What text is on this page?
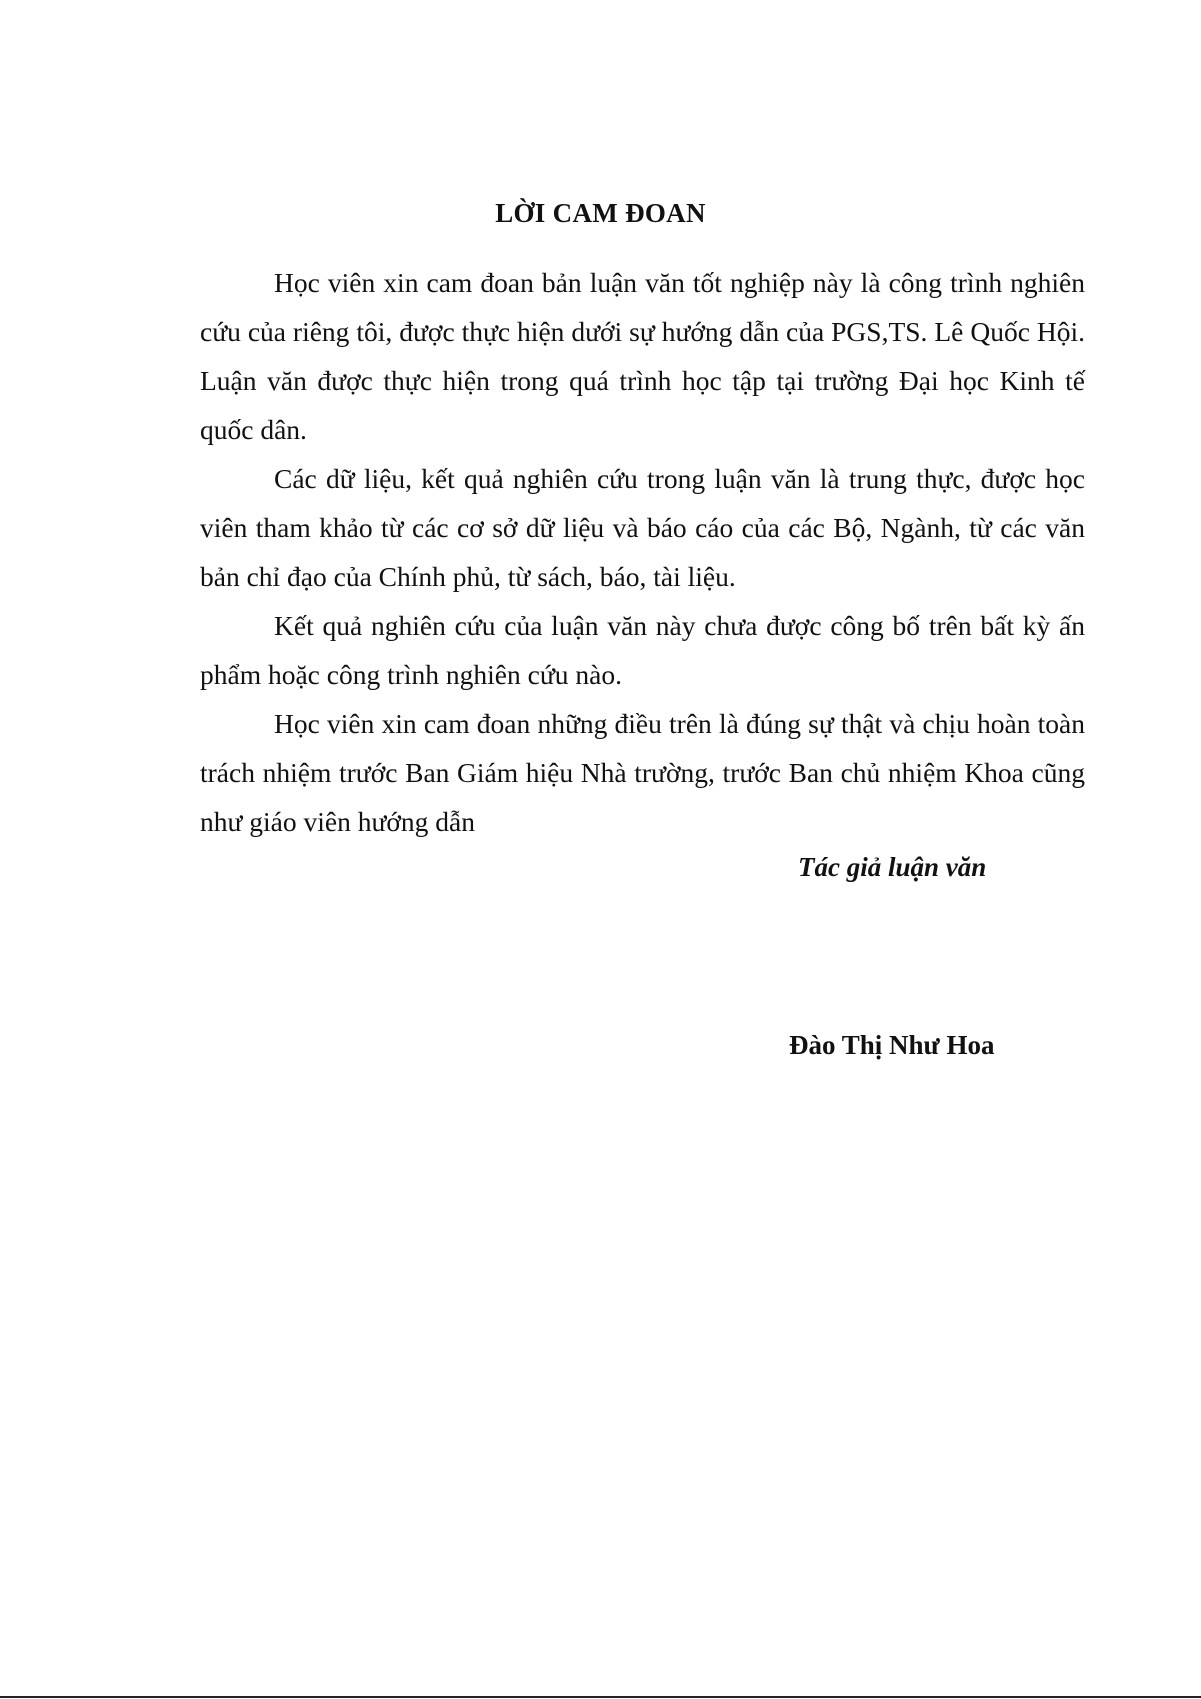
LỜI CAM ĐOAN

Học viên xin cam đoan bản luận văn tốt nghiệp này là công trình nghiên cứu của riêng tôi, được thực hiện dưới sự hướng dẫn của PGS,TS. Lê Quốc Hội. Luận văn được thực hiện trong quá trình học tập tại trường Đại học Kinh tế quốc dân.

Các dữ liệu, kết quả nghiên cứu trong luận văn là trung thực, được học viên tham khảo từ các cơ sở dữ liệu và báo cáo của các Bộ, Ngành, từ các văn bản chỉ đạo của Chính phủ, từ sách, báo, tài liệu.

Kết quả nghiên cứu của luận văn này chưa được công bố trên bất kỳ ấn phẩm hoặc công trình nghiên cứu nào.

Học viên xin cam đoan những điều trên là đúng sự thật và chịu hoàn toàn trách nhiệm trước Ban Giám hiệu Nhà trường, trước Ban chủ nhiệm Khoa cũng như giáo viên hướng dẫn

Tác giả luận văn

Đào Thị Như Hoa
